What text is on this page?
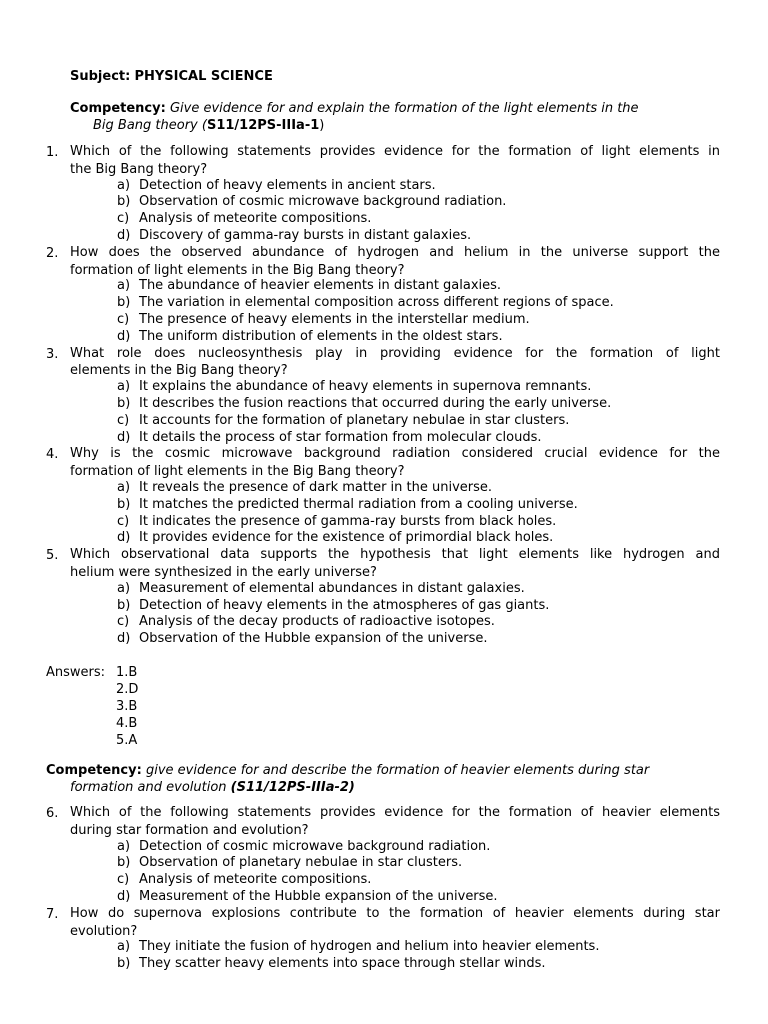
Subject: PHYSICAL SCIENCE
Competency: Give evidence for and explain the formation of the light elements in the
Big Bang theory (S11/12PS-IIIa-1)
1. Which of the following statements provides evidence for the formation of light elements in
the Big Bang theory?
a) Detection of heavy elements in ancient stars.
b) Observation of cosmic microwave background radiation.
c) Analysis of meteorite compositions.
d) Discovery of gamma-ray bursts in distant galaxies.
2. How does the observed abundance of hydrogen and helium in the universe support the
formation of light elements in the Big Bang theory?
a) The abundance of heavier elements in distant galaxies.
b) The variation in elemental composition across different regions of space.
c) The presence of heavy elements in the interstellar medium.
d) The uniform distribution of elements in the oldest stars.
3. What role does nucleosynthesis play in providing evidence for the formation of light
elements in the Big Bang theory?
a) It explains the abundance of heavy elements in supernova remnants.
b) It describes the fusion reactions that occurred during the early universe.
c) It accounts for the formation of planetary nebulae in star clusters.
d) It details the process of star formation from molecular clouds.
4. Why is the cosmic microwave background radiation considered crucial evidence for the
formation of light elements in the Big Bang theory?
a) It reveals the presence of dark matter in the universe.
b) It matches the predicted thermal radiation from a cooling universe.
c) It indicates the presence of gamma-ray bursts from black holes.
d) It provides evidence for the existence of primordial black holes.
5. Which observational data supports the hypothesis that light elements like hydrogen and
helium were synthesized in the early universe?
a) Measurement of elemental abundances in distant galaxies.
b) Detection of heavy elements in the atmospheres of gas giants.
c) Analysis of the decay products of radioactive isotopes.
d) Observation of the Hubble expansion of the universe.
Answers: 1.B
2.D
3.B
4.B
5.A
Competency: give evidence for and describe the formation of heavier elements during star
formation and evolution (S11/12PS-IIIa-2)
6. Which of the following statements provides evidence for the formation of heavier elements
during star formation and evolution?
a) Detection of cosmic microwave background radiation.
b) Observation of planetary nebulae in star clusters.
c) Analysis of meteorite compositions.
d) Measurement of the Hubble expansion of the universe.
7. How do supernova explosions contribute to the formation of heavier elements during star
evolution?
a) They initiate the fusion of hydrogen and helium into heavier elements.
b) They scatter heavy elements into space through stellar winds.
